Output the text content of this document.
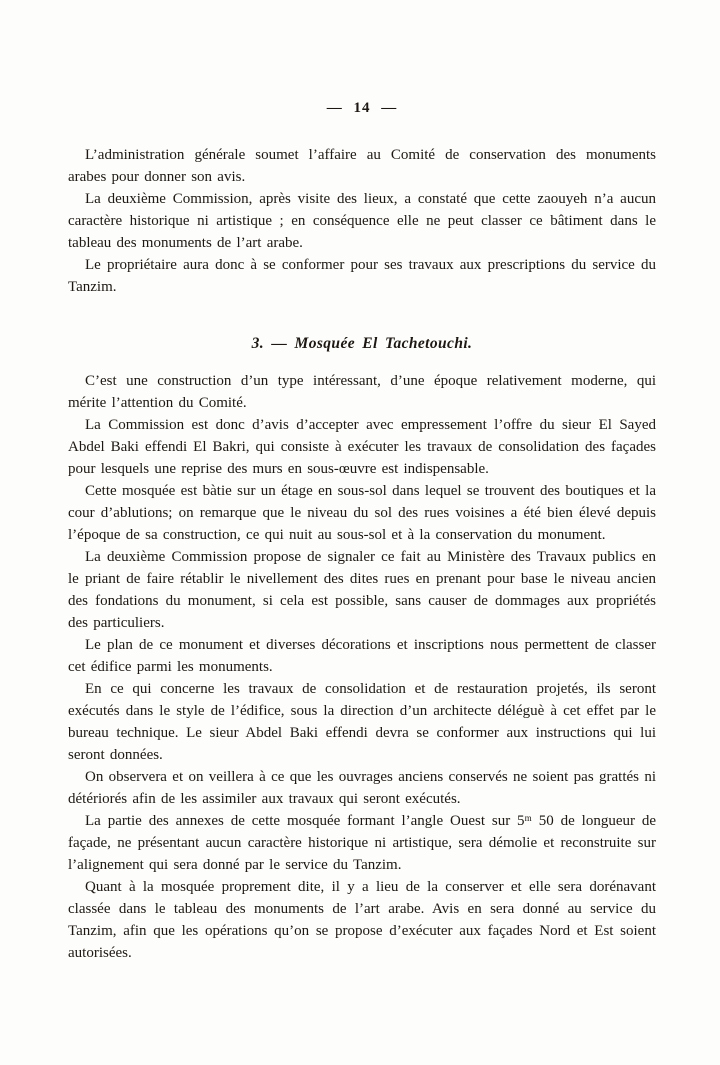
— 14 —

L’administration générale soumet l’affaire au Comité de conservation des monuments arabes pour donner son avis.

La deuxième Commission, après visite des lieux, a constaté que cette zaouyeh n’a aucun caractère historique ni artistique ; en conséquence elle ne peut classer ce bâtiment dans le tableau des monuments de l’art arabe.

Le propriétaire aura donc à se conformer pour ses travaux aux prescriptions du service du Tanzim.

3. — Mosquée El Tachetouchi.

C’est une construction d’un type intéressant, d’une époque relativement moderne, qui mérite l’attention du Comité.

La Commission est donc d’avis d’accepter avec empressement l’offre du sieur El Sayed Abdel Baki effendi El Bakri, qui consiste à exécuter les travaux de consolidation des façades pour lesquels une reprise des murs en sous-œuvre est indispensable.

Cette mosquée est bàtie sur un étage en sous-sol dans lequel se trouvent des boutiques et la cour d’ablutions; on remarque que le niveau du sol des rues voisines a été bien élevé depuis l’époque de sa construction, ce qui nuit au sous-sol et à la conservation du monument.

La deuxième Commission propose de signaler ce fait au Ministère des Travaux publics en le priant de faire rétablir le nivellement des dites rues en prenant pour base le niveau ancien des fondations du monument, si cela est possible, sans causer de dommages aux propriétés des particuliers.

Le plan de ce monument et diverses décorations et inscriptions nous permettent de classer cet édifice parmi les monuments.

En ce qui concerne les travaux de consolidation et de restauration projetés, ils seront exécutés dans le style de l’édifice, sous la direction d’un architecte déléguè à cet effet par le bureau technique. Le sieur Abdel Baki effendi devra se conformer aux instructions qui lui seront données.

On observera et on veillera à ce que les ouvrages anciens conservés ne soient pas grattés ni détériorés afin de les assimiler aux travaux qui seront exécutés.

La partie des annexes de cette mosquée formant l’angle Ouest sur 5ᵐ 50 de longueur de façade, ne présentant aucun caractère historique ni artistique, sera démolie et reconstruite sur l’alignement qui sera donné par le service du Tanzim.

Quant à la mosquée proprement dite, il y a lieu de la conserver et elle sera dorénavant classée dans le tableau des monuments de l’art arabe. Avis en sera donné au service du Tanzim, afin que les opérations qu’on se propose d’exécuter aux façades Nord et Est soient autorisées.
